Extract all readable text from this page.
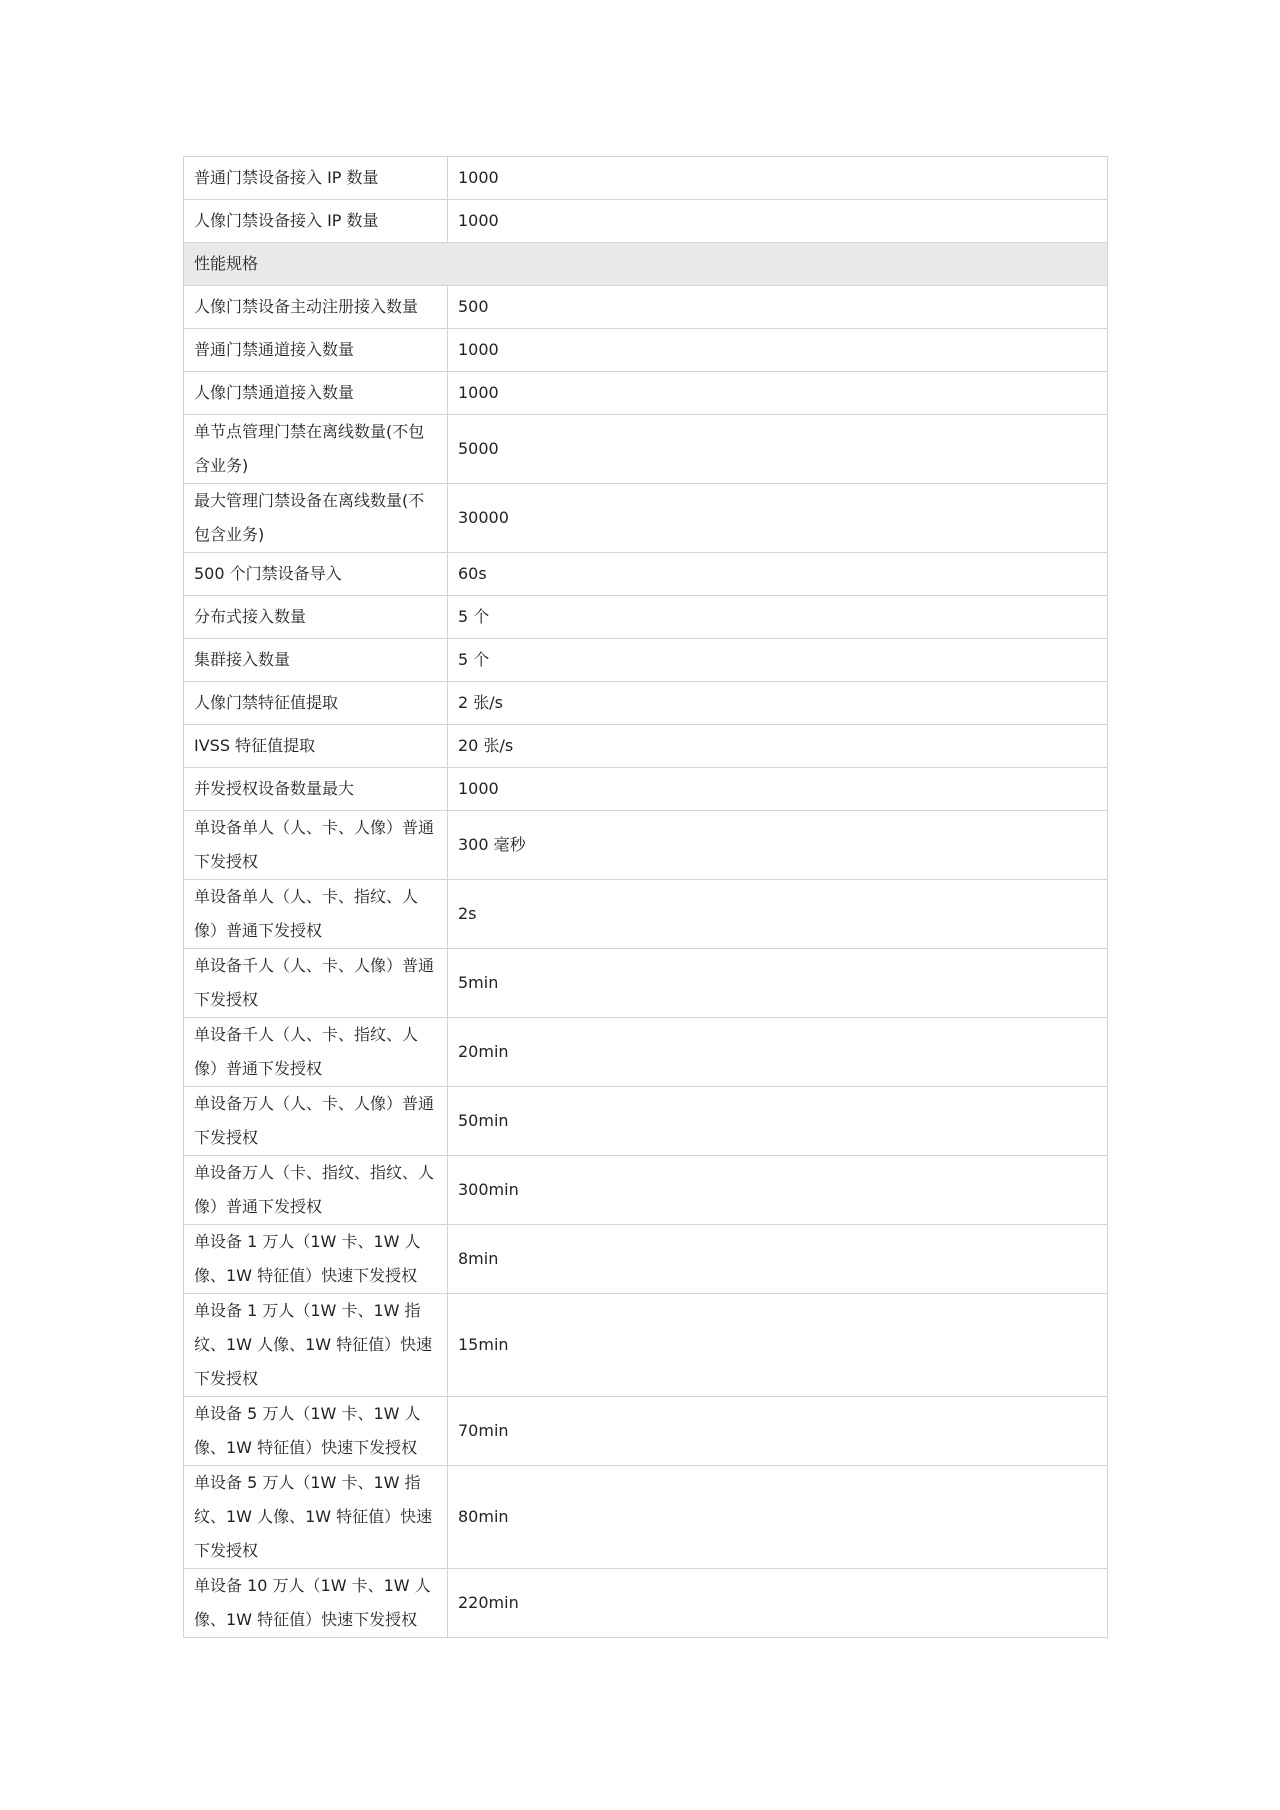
普通门禁设备接入 IP 数量	1000
人像门禁设备接入 IP 数量	1000
性能规格	
人像门禁设备主动注册接入数量	500
普通门禁通道接入数量	1000
人像门禁通道接入数量	1000
单节点管理门禁在离线数量(不包含业务)	5000
最大管理门禁设备在离线数量(不包含业务)	30000
500 个门禁设备导入	60s
分布式接入数量	5 个
集群接入数量	5 个
人像门禁特征值提取	2 张/s
IVSS 特征值提取	20 张/s
并发授权设备数量最大	1000
单设备单人（人、卡、人像）普通下发授权	300 毫秒
单设备单人（人、卡、指纹、人像）普通下发授权	2s
单设备千人（人、卡、人像）普通下发授权	5min
单设备千人（人、卡、指纹、人像）普通下发授权	20min
单设备万人（人、卡、人像）普通下发授权	50min
单设备万人（卡、指纹、指纹、人像）普通下发授权	300min
单设备 1 万人（1W 卡、1W 人像、1W 特征值）快速下发授权	8min
单设备 1 万人（1W 卡、1W 指纹、1W 人像、1W 特征值）快速下发授权	15min
单设备 5 万人（1W 卡、1W 人像、1W 特征值）快速下发授权	70min
单设备 5 万人（1W 卡、1W 指纹、1W 人像、1W 特征值）快速下发授权	80min
单设备 10 万人（1W 卡、1W 人像、1W 特征值）快速下发授权	220min
